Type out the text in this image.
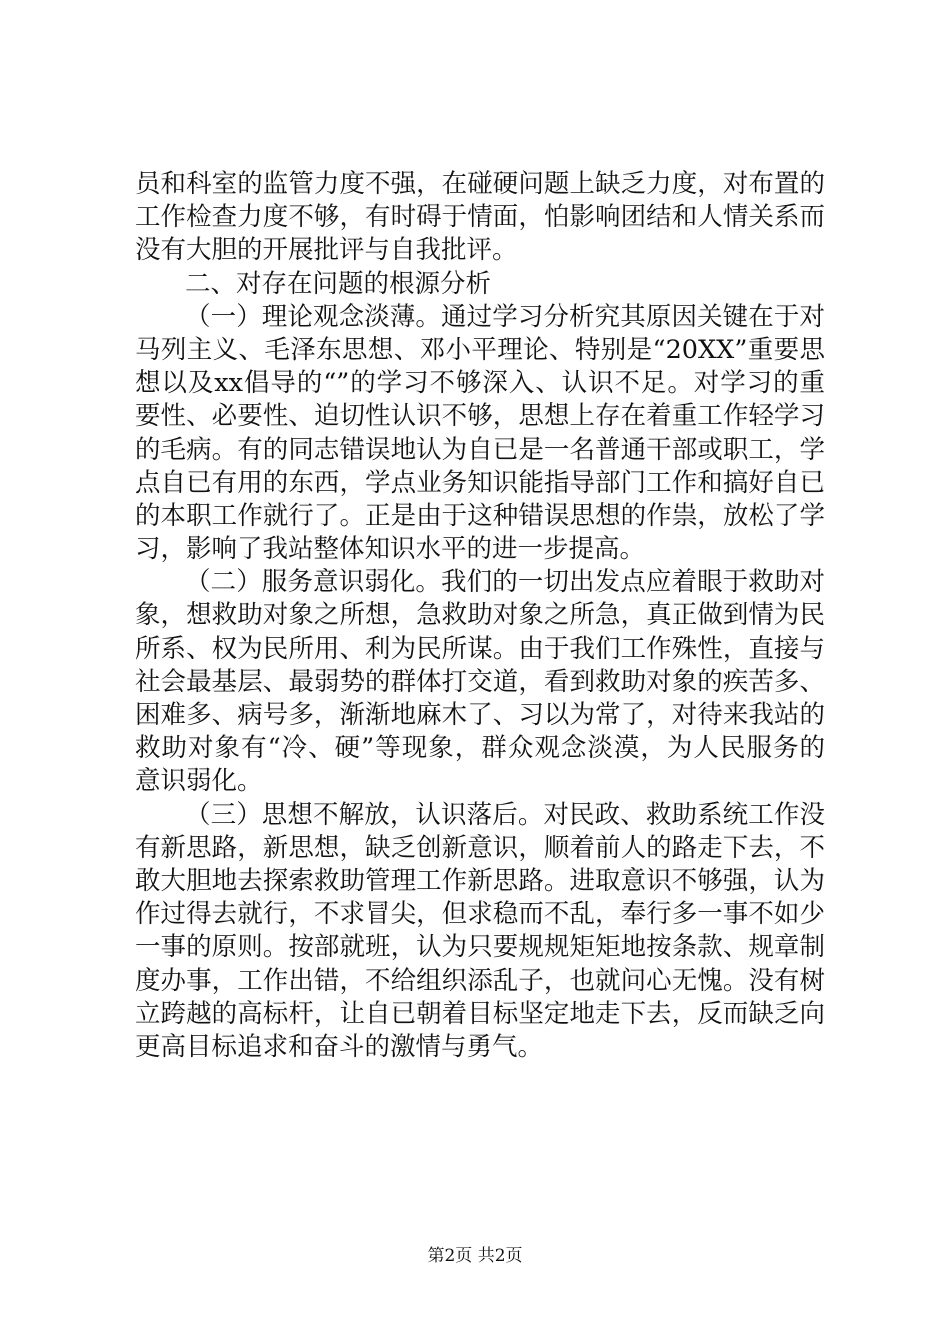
员和科室的监管力度不强，在碰硬问题上缺乏力度，对布置的
工作检查力度不够，有时碍于情面，怕影响团结和人情关系而
没有大胆的开展批评与自我批评。
二、对存在问题的根源分析
（一）理论观念淡薄。通过学习分析究其原因关键在于对
马列主义、毛泽东思想、邓小平理论、特别是“20XX”重要思
想以及xx倡导的“”的学习不够深入、认识不足。对学习的重
要性、必要性、迫切性认识不够，思想上存在着重工作轻学习
的毛病。有的同志错误地认为自已是一名普通干部或职工，学
点自已有用的东西，学点业务知识能指导部门工作和搞好自已
的本职工作就行了。正是由于这种错误思想的作祟，放松了学
习，影响了我站整体知识水平的进一步提高。
（二）服务意识弱化。我们的一切出发点应着眼于救助对
象，想救助对象之所想，急救助对象之所急，真正做到情为民
所系、权为民所用、利为民所谋。由于我们工作殊性，直接与
社会最基层、最弱势的群体打交道，看到救助对象的疾苦多、
困难多、病号多，渐渐地麻木了、习以为常了，对待来我站的
救助对象有“冷、硬”等现象，群众观念淡漠，为人民服务的
意识弱化。
（三）思想不解放，认识落后。对民政、救助系统工作没
有新思路，新思想，缺乏创新意识，顺着前人的路走下去，不
敢大胆地去探索救助管理工作新思路。进取意识不够强，认为
作过得去就行，不求冒尖，但求稳而不乱，奉行多一事不如少
一事的原则。按部就班，认为只要规规矩矩地按条款、规章制
度办事，工作出错，不给组织添乱子，也就问心无愧。没有树
立跨越的高标杆，让自已朝着目标坚定地走下去，反而缺乏向
更高目标追求和奋斗的激情与勇气。
第2页 共2页
